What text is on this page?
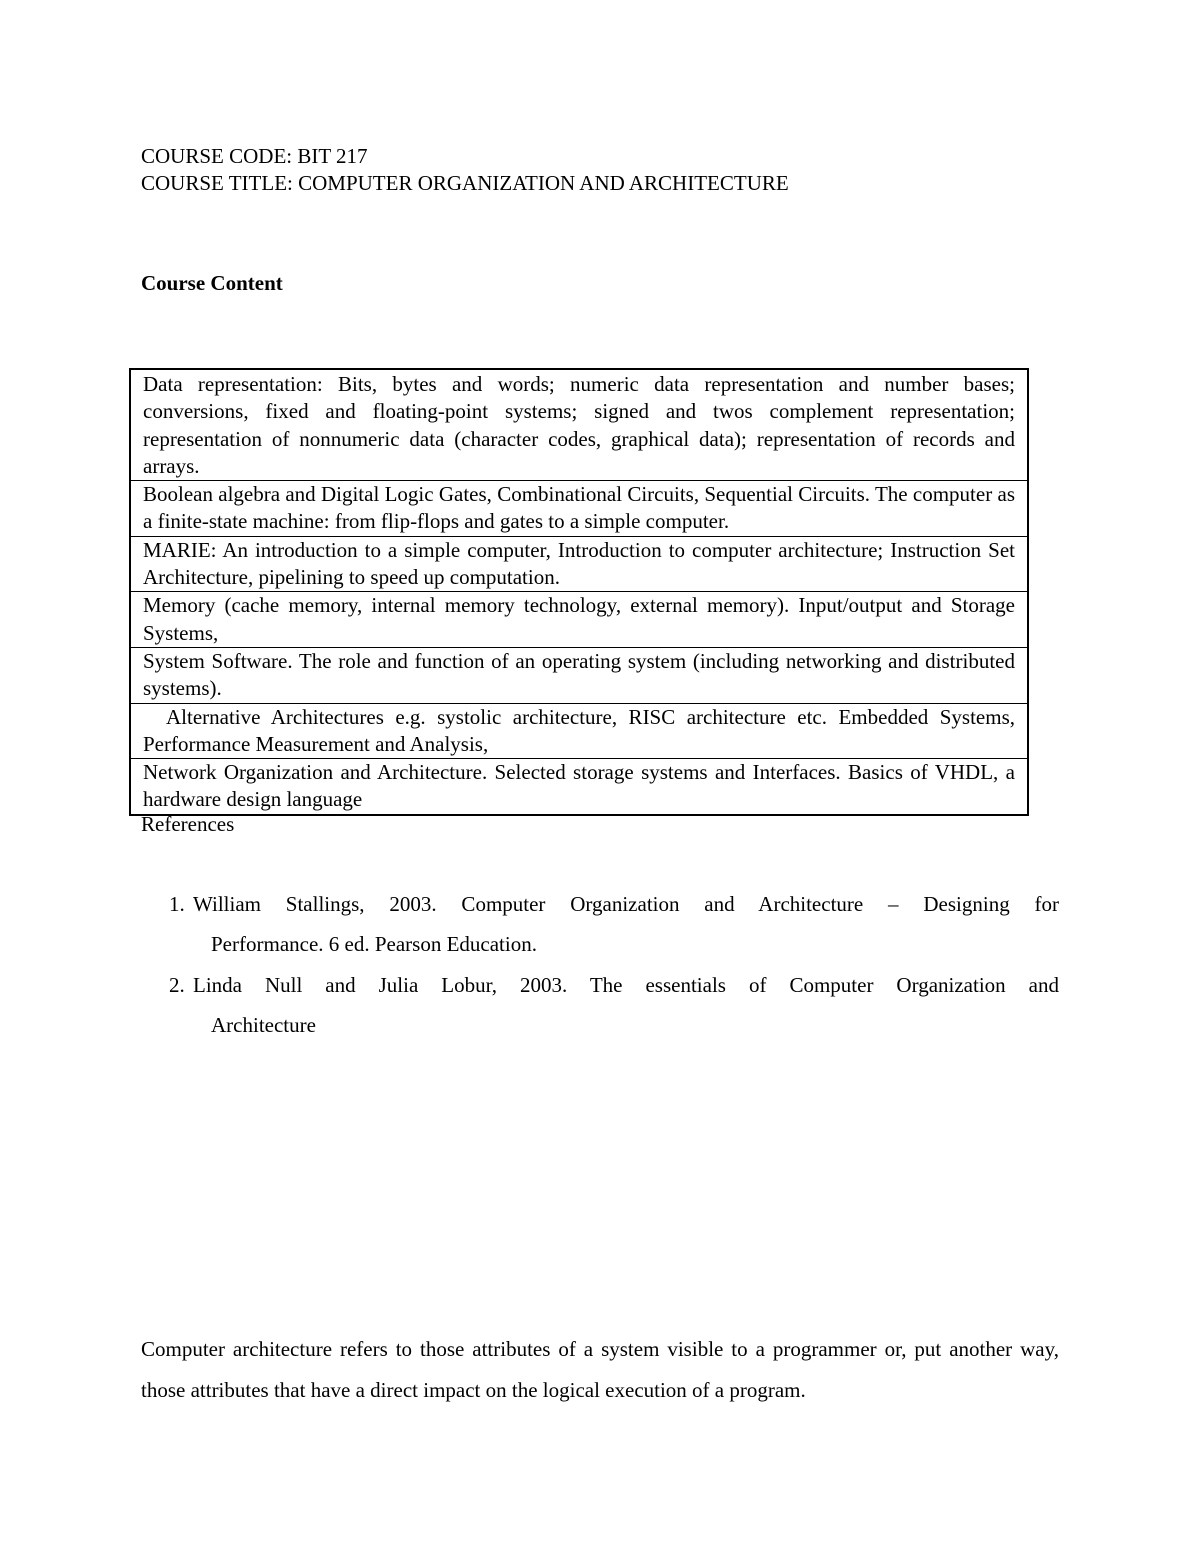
COURSE CODE: BIT 217

COURSE TITLE: COMPUTER ORGANIZATION AND ARCHITECTURE

Course Content
Data representation: Bits, bytes and words; numeric data representation and number bases; conversions, fixed and floating-point systems; signed and twos complement representation; representation of nonnumeric data (character codes, graphical data); representation of records and arrays.
Boolean algebra and Digital Logic Gates, Combinational Circuits, Sequential Circuits. The computer as a finite-state machine: from flip-flops and gates to a simple computer.
MARIE: An introduction to a simple computer, Introduction to computer architecture; Instruction Set Architecture, pipelining to speed up computation.
Memory (cache memory, internal memory technology, external memory). Input/output and Storage Systems,
System Software. The role and function of an operating system (including networking and distributed systems).
Alternative Architectures e.g. systolic architecture, RISC architecture etc. Embedded Systems, Performance Measurement and Analysis,
Network Organization and Architecture. Selected storage systems and Interfaces. Basics of VHDL, a hardware design language

References

1. William Stallings, 2003. Computer Organization and Architecture – Designing for
Performance. 6 ed. Pearson Education.
2. Linda Null and Julia Lobur, 2003. The essentials of Computer Organization and
Architecture

Computer architecture refers to those attributes of a system visible to a programmer or, put another way, those attributes that have a direct impact on the logical execution of a program.
